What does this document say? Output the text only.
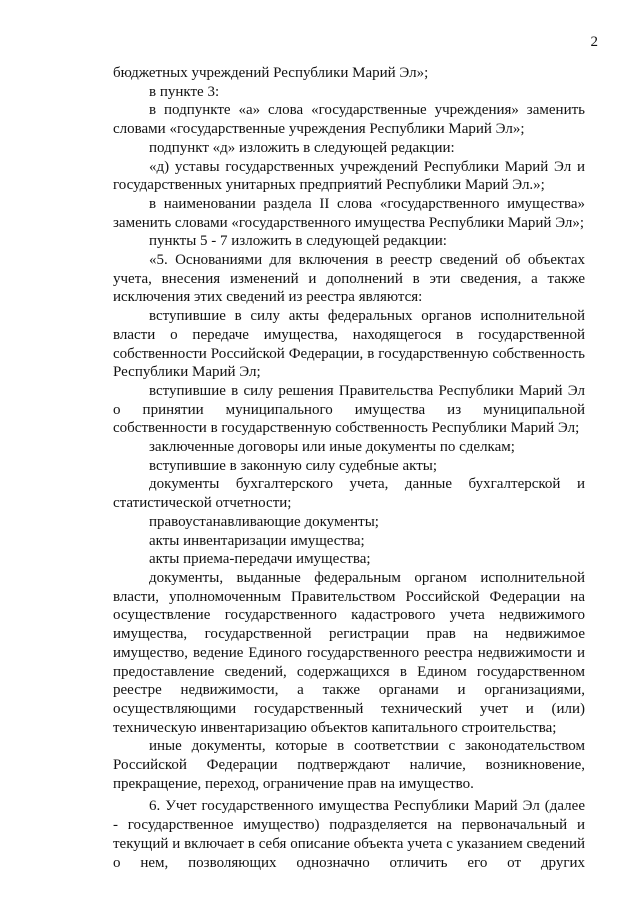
2

бюджетных учреждений Республики Марий Эл»;

в пункте 3:

в подпункте «а» слова «государственные учреждения» заменить словами «государственные учреждения Республики Марий Эл»;

подпункт «д» изложить в следующей редакции:

«д) уставы государственных учреждений Республики Марий Эл и государственных унитарных предприятий Республики Марий Эл.»;

в наименовании раздела II слова «государственного имущества» заменить словами «государственного имущества Республики Марий Эл»;

пункты 5 - 7 изложить в следующей редакции:

«5. Основаниями для включения в реестр сведений об объектах учета, внесения изменений и дополнений в эти сведения, а также исключения этих сведений из реестра являются:

вступившие в силу акты федеральных органов исполнительной власти о передаче имущества, находящегося в государственной собственности Российской Федерации, в государственную собственность Республики Марий Эл;

вступившие в силу решения Правительства Республики Марий Эл о принятии муниципального имущества из муниципальной собственности в государственную собственность Республики Марий Эл;

заключенные договоры или иные документы по сделкам;

вступившие в законную силу судебные акты;

документы бухгалтерского учета, данные бухгалтерской и статистической отчетности;

правоустанавливающие документы;

акты инвентаризации имущества;

акты приема-передачи имущества;

документы, выданные федеральным органом исполнительной власти, уполномоченным Правительством Российской Федерации на осуществление государственного кадастрового учета недвижимого имущества, государственной регистрации прав на недвижимое имущество, ведение Единого государственного реестра недвижимости и предоставление сведений, содержащихся в Едином государственном реестре недвижимости, а также органами и организациями, осуществляющими государственный технический учет и (или) техническую инвентаризацию объектов капитального строительства;

иные документы, которые в соответствии с законодательством Российской Федерации подтверждают наличие, возникновение, прекращение, переход, ограничение прав на имущество.

6. Учет государственного имущества Республики Марий Эл (далее - государственное имущество) подразделяется на первоначальный и текущий и включает в себя описание объекта учета с указанием сведений о нем, позволяющих однозначно отличить его от других
